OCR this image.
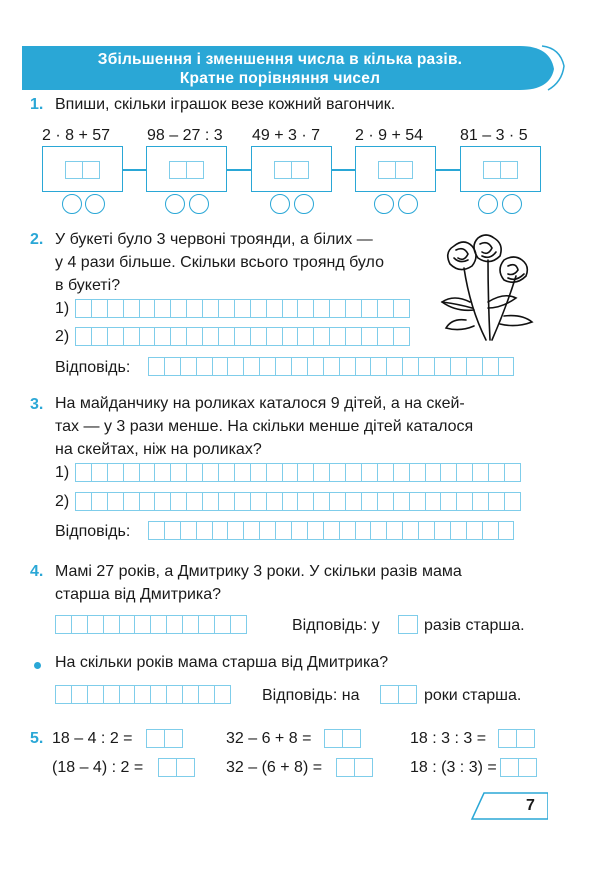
Збільшення і зменшення числа в кілька разів.
Кратне порівняння чисел
1. Впиши, скільки іграшок везе кожний вагончик.
2 · 8 + 57 98 – 27 : 3 49 + 3 · 7 2 · 9 + 54 81 – 3 · 5
2. У букеті було 3 червоні троянди, а білих —
у 4 рази більше. Скільки всього троянд було
в букеті?
1)
2)
Відповідь:
3. На майданчику на роликах каталося 9 дітей, а на скей-
тах — у 3 рази менше. На скільки менше дітей каталося
на скейтах, ніж на роликах?
1)
2)
Відповідь:
4. Мамі 27 років, а Дмитрику 3 роки. У скільки разів мама
старша від Дмитрика?
Відповідь: у	разів старша.
На скільки років мама старша від Дмитрика?
Відповідь: на	роки старша.
5. 18 – 4 : 2 =	32 – 6 + 8 =	18 : 3 : 3 =
(18 – 4) : 2 =	32 – (6 + 8) =	18 : (3 : 3) =
7
